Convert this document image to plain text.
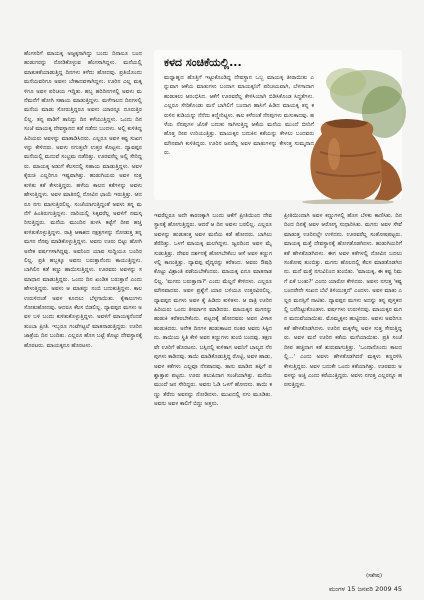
ಹೆಂಗಸರಿಗೆ ಮಾಯಕ್ಕ ಅಜ್ಜಕ್ಕನಾಗಿದ್ದು ಬಂದು ದಿನಾಲೂ ಬಂದ ಹುಡುಗರನ್ನು ನೋಡಿಕೊಳ್ಳುವ ಹೆಂಗಸಾಗಿದ್ದಳು. ಮನೆಯಲ್ಲಿ ಮಾತುಕತೆಯಾಡುತ್ತಿದ್ದ ದಿನಗಳು ಕಳೆದು ಹೋದವು. ಪ್ರತಿಯೊಂದು ಮನೆಯವರಿಗೂ ಅವಳು ಬೇಕಾದವಳಾಗಿದ್ದಳು. ಊರಿನ ಎಲ್ಲ ಮಕ್ಕಳಿಗೂ ಅವಳ ಪರಿಚಯ ಇದ್ದಿತು. ಹಬ್ಬ ಹರಿದಿನಗಳಲ್ಲಿ ಅವಳು ಮನೆಮನೆಗೆ ಹೋಗಿ ಸಹಾಯ ಮಾಡುತ್ತಿದ್ದಳು. ಮಳೆಗಾಲದ ದಿನಗಳಲ್ಲಿ ಮನೆಯ ಮಾಡು ಸೋರುತ್ತಿದ್ದರೂ ಅವಳು ಯಾರನ್ನೂ ದೂರುತ್ತಿರಲಿಲ್ಲ. ತನ್ನ ಪಾಡಿಗೆ ತಾನಿದ್ದು ದಿನ ಕಳೆಯುತ್ತಿದ್ದಳು. ಒಂದು ದಿನ ಸಂಜೆ ಮಾಯಕ್ಕ ದೇವಸ್ಥಾನದ ಕಡೆ ನಡೆದು ಬಂದಳು. ಅಲ್ಲಿ ಕುಳಿತಿದ್ದ ಹಿರಿಯರು ಅವಳನ್ನು ಮಾತಾಡಿಸಿದರು. ಎಲ್ಲರೂ ಅವಳ ಕಷ್ಟ ಸುಖಗಳನ್ನು ಕೇಳಿದರು. ಅವಳು ನಗುತ್ತಲೇ ಉತ್ತರ ಕೊಟ್ಟಳು. ದ್ಯಾವಪ್ಪನ ಮನೆಯಲ್ಲಿ ಮದುವೆ ಸಂಭ್ರಮ ನಡೆದಿತ್ತು. ಊರವರೆಲ್ಲ ಅಲ್ಲಿ ಸೇರಿದ್ದರು. ಮಾಯಕ್ಕ ಅಡುಗೆ ಕೆಲಸದಲ್ಲಿ ಸಹಾಯ ಮಾಡುತ್ತಿದ್ದಳು. ಅವಳ ಕೈರುಚಿ ಎಲ್ಲರಿಗೂ ಇಷ್ಟವಾಗಿತ್ತು. ಹುಡುಗಿಯರು ಅವಳ ಸುತ್ತ ಕುಳಿತು ಕತೆ ಕೇಳುತ್ತಿದ್ದರು. ಹಳೆಯ ಕಾಲದ ಕತೆಗಳನ್ನು ಅವಳು ಹೇಳುತ್ತಿದ್ದಳು. ಅವಳ ಮಾತಿನಲ್ಲಿ ನೋವಿನ ಛಾಯೆ ಇರುತ್ತಿತ್ತು. ಆದರೂ ನಗು ಮಾಸುತ್ತಿರಲಿಲ್ಲ. ಸಂಜೆಯಾಗುತ್ತಿದ್ದಂತೆ ಅವಳು ತನ್ನ ಮನೆಗೆ ಹಿಂತಿರುಗುತ್ತಿದ್ದಳು. ದಾರಿಯಲ್ಲಿ ಸಿಕ್ಕವರೆಲ್ಲ ಅವಳಿಗೆ ನಮಸ್ಕರಿಸುತ್ತಿದ್ದರು. ಮನೆಯ ಮುಂದಿನ ತುಳಸಿ ಕಟ್ಟೆಗೆ ದೀಪ ಹಚ್ಚಿ ಕುಳಿತುಕೊಳ್ಳುತ್ತಿದ್ದಳು. ರಾತ್ರಿ ಆಕಾಶದ ನಕ್ಷತ್ರಗಳನ್ನು ನೋಡುತ್ತ ತನ್ನ ಮಗನ ನೆನಪು ಮಾಡಿಕೊಳ್ಳುತ್ತಿದ್ದಳು. ಅವನು ಊರು ಬಿಟ್ಟು ಹೋಗಿ ಅನೇಕ ವರ್ಷಗಳಾಗಿದ್ದವು. ಅವನಿಂದ ಯಾವ ಸುದ್ದಿಯೂ ಬಂದಿರಲಿಲ್ಲ. ಪ್ರತಿ ಹಬ್ಬಕ್ಕೂ ಅವನು ಬರುತ್ತಾನೆಂದು ಕಾಯುತ್ತಿದ್ದಳು. ಬಾಗಿಲಿನ ಕಡೆ ಕಣ್ಣು ಹಾಯಿಸುತ್ತಿದ್ದಳು. ಊರವರು ಅವಳನ್ನು ಸಮಾಧಾನ ಮಾಡುತ್ತಿದ್ದರು. ಒಂದು ದಿನ ಖಂಡಿತ ಬರುತ್ತಾನೆ ಎಂದು ಹೇಳುತ್ತಿದ್ದರು. ಅವಳು ಆ ಮಾತನ್ನು ನಂಬಿ ಬದುಕುತ್ತಿದ್ದಳು. ಕಾಲ ಉರುಳಿದಂತೆ ಅವಳ ಕೂದಲು ಬೆಳ್ಳಗಾಯಿತು. ಕೈಕಾಲುಗಳು ಸೋತುಹೋದವು. ಆದರೂ ಕೆಲಸ ಬಿಡಲಿಲ್ಲ. ದ್ಯಾವಪ್ಪನ ಮಗಳು ಅವಳ ಬಳಿ ಬಂದು ಕುಳಿತುಕೊಳ್ಳುತ್ತಿದ್ದಳು. ಅವಳಿಗೆ ಮಾಯಕ್ಕನೆಂದರೆ ತುಂಬಾ ಪ್ರೀತಿ. ಇಬ್ಬರೂ ಗಂಟೆಗಟ್ಟಲೆ ಮಾತನಾಡುತ್ತಿದ್ದರು. ಊರಿನ ಜಾತ್ರೆಯ ದಿನ ಬಂದಿತು. ಎಲ್ಲರೂ ಹೊಸ ಬಟ್ಟೆ ತೊಟ್ಟು ದೇವಸ್ಥಾನಕ್ಕೆ ಹೊರಟರು. ಮಾಯಕ್ಕನೂ ಹೊರಟಳು.

ಕಳದ ಸಂಚಿಕೆಯಲ್ಲಿ...
ಮಧ್ಯಾಹ್ನದ ಹೊತ್ತಿಗೆ ಇಟ್ಟುಕೊಂಡಿದ್ದ ದೇವಸ್ಥಾನ ಒಬ್ಬ ಮಾಯಕ್ಕ ತೀರಾಯಿತು ಎನ್ನುವಾಗ ಆಕೆಯ ಮಾತುಗಳು ಬಂದಾಗ ಮಾಯಕ್ಕನಿಗೆ ಪರಿಚಯವಾಗಿ, ಬೆಳಗಾದಾಗ ಹುಡುಕಲು ಆರಂಭಿಸಿದ. ಆಕೆಗೆ ಊರವರೆಲ್ಲ ಕೇಳಿಸಿಯಾಗಿ ಬಿಡಿಸಿಕೊಂಡ ಸಿದ್ಧತೆಗಳು. ಎಲ್ಲರೂ ಸೇರಿಕೊಂಡು ಮನೆ ಬಾಗಿಲಿಗೆ ಬಂದಾಗ ಹಾಸಿಗೆ ಹಿಡಿದ ಮಾಯಕ್ಕ ತನ್ನ ಕರುಳಿನ ಕುಡಿಯನ್ನು ನೆನೆದು ಕಣ್ಣೀರಿಟ್ಟಳು. ಕಾಲ ಕಳೆದಂತೆ ನೆನಪುಗಳು ಮಸುಕಾದವು. ಹಳೆಯ ನೆನಪುಗಳ ಜೊತೆ ಬದುಕು ಸಾಗಿಸುತ್ತಿದ್ದ ಆಕೆಯ ಮನೆಯ ಮುಂದೆ ಬೀದಿಗೆ ಹೊತ್ತ ದೀಪ ಉರಿಯುತ್ತಿತ್ತು. ಮಾಯಕ್ಕನ ಬದುಕಿನ ಕತೆಯನ್ನು ಕೇಳಲು ಬಂದವರು ಮೌನವಾಗಿ ಕುಳಿತಿದ್ದರು. ಊರಿನ ಜನರೆಲ್ಲ ಅವಳ ಮಾತುಗಳನ್ನು ಕೇಳುತ್ತ ಸುಮ್ಮನಾದರು.

ಇವರೆಲ್ಲರೂ ಅದೇ ಕಾರಣಕ್ಕಾಗಿ ಬಂದು ಆಕೆಗೆ ಪ್ರೀತಿಯಿಂದ ದೇವಸ್ಥಾನಕ್ಕೆ ಹೋಗುತ್ತಿದ್ದರು. ಆದರೆ ಆ ದಿನ ಅವಳು ಬರಲಿಲ್ಲ. ಎಲ್ಲರೂ ಅವಳನ್ನು ಹುಡುಕುತ್ತ ಅವಳ ಮನೆಯ ಕಡೆ ಹೋದರು. ಬಾಗಿಲು ತೆರೆದಿತ್ತು. ಒಳಗೆ ಮಾಯಕ್ಕ ಮಲಗಿದ್ದಳು. ಜ್ವರದಿಂದ ಅವಳ ಮೈ ಸುಡುತ್ತಿತ್ತು. ದೇವರ ದರ್ಶನಕ್ಕೆ ಹೋಗಬೇಕೆಂಬ ಆಸೆ ಅವಳ ಕಣ್ಣುಗಳಲ್ಲಿ ಕಾಣುತ್ತಿತ್ತು. ದ್ಯಾವಪ್ಪ ವೈದ್ಯರನ್ನು ಕರೆತಂದ. ಅವರು ಔಷಧಿ ಕೊಟ್ಟು ವಿಶ್ರಾಂತಿ ಪಡೆಯಬೇಕೆಂದರು. ಮಾಯಕ್ಕ ಏನೂ ಮಾತನಾಡಲಿಲ್ಲ. 'ಮಗನು ಬರುತ್ತಾನಾ?' ಎಂದು ಮೆಲ್ಲನೆ ಕೇಳಿದಳು. ಎಲ್ಲರೂ ಮೌನವಾದರು. ಅವಳ ಪ್ರಶ್ನೆಗೆ ಯಾರ ಬಳಿಯೂ ಉತ್ತರವಿರಲಿಲ್ಲ. ದ್ಯಾವಪ್ಪನ ಮಗಳು ಅವಳ ಕೈ ಹಿಡಿದು ಕುಳಿತಳು. ಆ ರಾತ್ರಿ ಊರಿನ ಹಿರಿಯರು ಒಂದು ತೀರ್ಮಾನ ಮಾಡಿದರು. ಮಾಯಕ್ಕನ ಮಗನನ್ನು ಹುಡುಕಿ ಕರೆತರಬೇಕೆಂದು. ಪಟ್ಟಣಕ್ಕೆ ಹೋದವರು ಅವನ ವಿಳಾಸ ಹುಡುಕಿದರು. ಅನೇಕ ದಿನಗಳ ಹುಡುಕಾಟದ ನಂತರ ಅವನು ಸಿಕ್ಕಿದನು. ತಾಯಿಯ ಸ್ಥಿತಿ ಕೇಳಿ ಅವನ ಕಣ್ಣುಗಳು ತುಂಬಿ ಬಂದವು. ತಕ್ಷಣವೇ ಊರಿಗೆ ಹೊರಟನು. ಬಸ್ಸಿನಲ್ಲಿ ಕುಳಿತಾಗ ಅವನಿಗೆ ಬಾಲ್ಯದ ನೆನಪುಗಳು ಕಾಡಿದವು. ತಾಯಿ ಮಾಡಿಕೊಡುತ್ತಿದ್ದ ರೊಟ್ಟಿ, ಅವಳ ಹಾಡು, ಅವಳ ಕತೆಗಳು ಎಲ್ಲವೂ ನೆನಪಾದವು. ತಾನು ಮಾಡಿದ ತಪ್ಪಿಗೆ ಪಶ್ಚಾತ್ತಾಪ ಪಟ್ಟನು. ಊರು ತಲುಪಿದಾಗ ಸಂಜೆಯಾಗಿತ್ತು. ಮನೆಯ ಮುಂದೆ ಜನ ಸೇರಿದ್ದರು. ಅವನು ಓಡಿ ಒಳಗೆ ಹೋದನು. ತಾಯಿ ಕಣ್ಣು ತೆರೆದು ಅವನನ್ನು ನೋಡಿದಳು. ಮುಖದಲ್ಲಿ ನಗು ಮೂಡಿತು. ಅವನು ಅವಳ ಕಾಲಿಗೆ ಬಿದ್ದು ಅತ್ತನು.

ಪ್ರೀತಿಯಿಂದಾಗಿ ಅವಳ ಕಣ್ಣುಗಳಲ್ಲಿ ಹೊಸ ಬೆಳಕು ಕಾಣಿಸಿತು. ದಿನದಿಂದ ದಿನಕ್ಕೆ ಅವಳ ಆರೋಗ್ಯ ಸುಧಾರಿಸಿತು. ಮಗನು ಅವಳ ಸೇವೆ ಮಾಡುತ್ತ ಊರಿನಲ್ಲೇ ಉಳಿದನು. ಊರವರೆಲ್ಲ ಸಂತೋಷಪಟ್ಟರು. ಮಾಯಕ್ಕ ಮತ್ತೆ ದೇವಸ್ಥಾನಕ್ಕೆ ಹೋಗತೊಡಗಿದಳು. ಹುಡುಗಿಯರಿಗೆ ಕತೆ ಹೇಳತೊಡಗಿದಳು. ಈಗ ಅವಳ ಕತೆಗಳಲ್ಲಿ ನೋವಿನ ಬದಲು ಸಂತೋಷ ತುಂಬಿತ್ತು. ಮಗನು ಹೊಲದಲ್ಲಿ ಕೆಲಸ ಮಾಡತೊಡಗಿದನು. ಮನೆ ಮತ್ತೆ ನಗುವಿನಿಂದ ತುಂಬಿತು. 'ಮಾಯಕ್ಕ, ಈ ಕಷ್ಟ ನಿಮಗೆ ಏಕೆ ಬಂತು?' ಎಂದು ಯಾರೋ ಕೇಳಿದರು. ಅವಳು ನಗುತ್ತ 'ಕಷ್ಟ ಬಂದರೇನೇ ಸುಖದ ಬೆಲೆ ತಿಳಿಯುತ್ತದೆ' ಎಂದಳು. ಅವಳ ಮಾತು ಎಲ್ಲರ ಮನಸ್ಸಿಗೆ ನಾಟಿತು. ದ್ಯಾವಪ್ಪನ ಮಗಳು ಅದನ್ನು ತನ್ನ ಪುಸ್ತಕದಲ್ಲಿ ಬರೆದಿಟ್ಟುಕೊಂಡಳು. ವರ್ಷಗಳು ಉರುಳಿದವು. ಮಾಯಕ್ಕನ ಮಗನ ಮದುವೆಯಾಯಿತು. ಮೊಮ್ಮಕ್ಕಳು ಹುಟ್ಟಿದರು. ಅವಳು ಅವರಿಗೂ ಕತೆ ಹೇಳತೊಡಗಿದಳು. ಊರಿನ ಮಕ್ಕಳೆಲ್ಲ ಅವಳ ಸುತ್ತ ಸೇರುತ್ತಿದ್ದರು. ಅವಳ ಮನೆ ಊರಿನ ಕತೆಯ ಮನೆಯಾಯಿತು. ಪ್ರತಿ ಸಂಜೆ ದೀಪ ಹಚ್ಚಿದಾಗ ಕತೆ ಶುರುವಾಗುತ್ತಿತ್ತು. 'ಒಂದಾನೊಂದು ಕಾಲದಲ್ಲಿ...' ಎಂದು ಅವಳು ಹೇಳತೊಡಗಿದರೆ ಮಕ್ಕಳು ಕಣ್ಣರಳಿಸಿ ಕೇಳುತ್ತಿದ್ದರು. ಅವಳ ಬದುಕೇ ಒಂದು ಕತೆಯಾಗಿತ್ತು. ಊರವರು ಅವಳನ್ನು ಅಜ್ಜಿ ಎಂದು ಕರೆಯುತ್ತಿದ್ದರು. ಅವಳು ನಗುತ್ತ ಎಲ್ಲರನ್ನೂ ಹರಸುತ್ತಿದ್ದಳು.

(ಸಶೇಷ)
ಮಂಗಳ 15 ಜನವರಿ 2009 45
